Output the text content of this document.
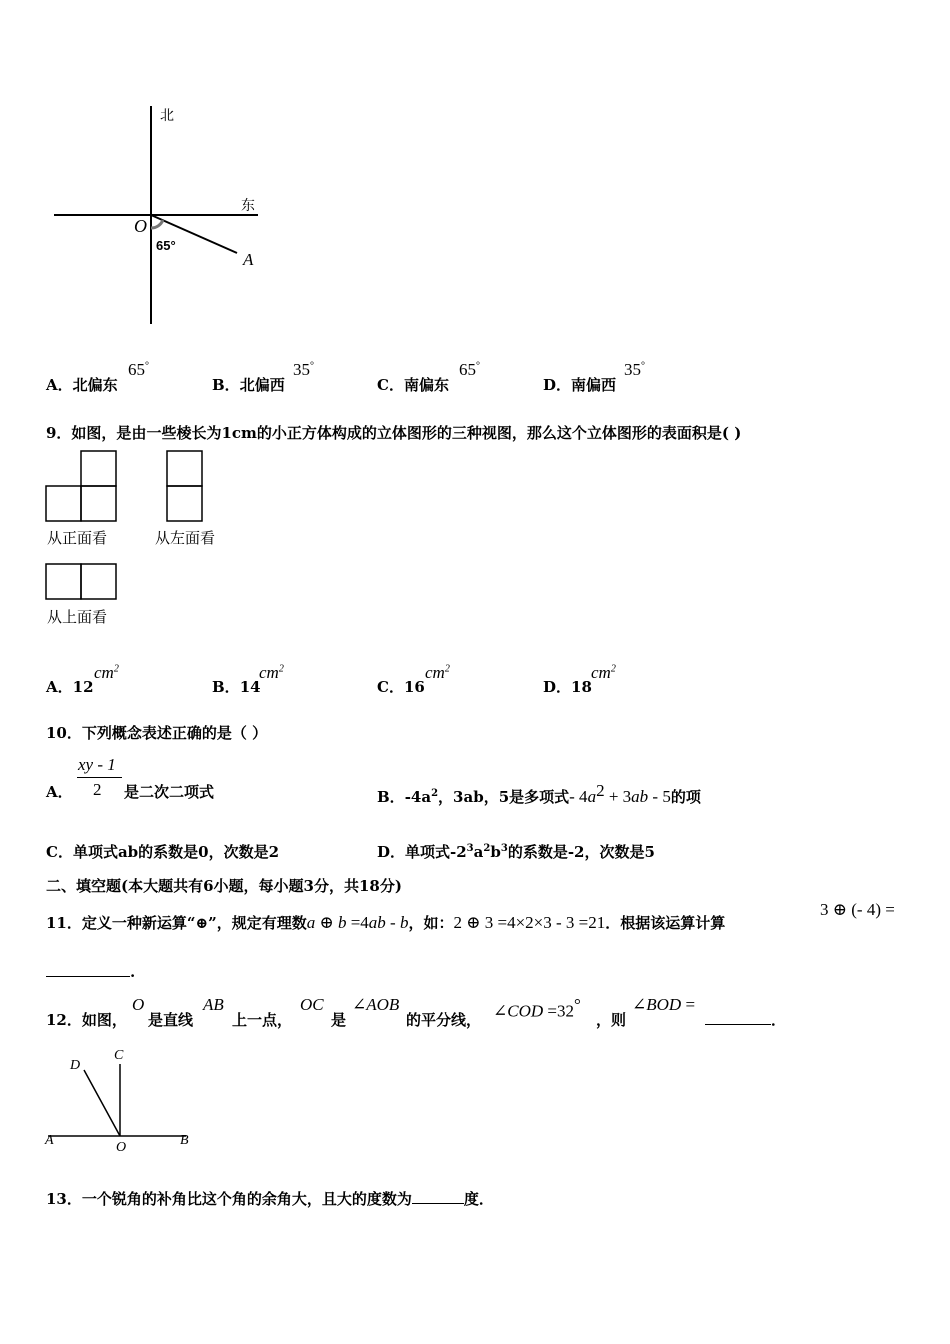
北
东
O
A
65°
A．北偏东
65°
B．北偏西
35°
C．南偏东
65°
D．南偏西
35°
9．如图，是由一些棱长为1cm的小正方体构成的立体图形的三种视图，那么这个立体图形的表面积是( )
从正面看	从左面看
从上面看
A．12
$cm^2$
B．14
$cm^2$
C．16
$cm^2$
D．18
$cm^2$
10．下列概念表述正确的是（ ）
A．
xy - 1
2 是二次二项式	B．$-4a^2$，3ab，5是多项式- $4a^2 + 3ab - 5$的项
C．单项式ab的系数是0，次数是2	D．单项式$-2^3a^2b^3$的系数是-2，次数是5
二、填空题(本大题共有6小题，每小题3分，共18分)
11．定义一种新运算“⊕”，规定有理数a ⊕ b =4ab - b，如：2 ⊕ 3 =4×2×3 - 3 =21．根据该运算计算
3 ⊕ (- 4) =
.
12．如图，
O
是直线
AB
上一点，
OC
是
∠AOB
的平分线， ∠COD =32°
，则
∠BOD =
．
D
C
A	O	B
13．一个锐角的补角比这个角的余角大，且大的度数为	度．
